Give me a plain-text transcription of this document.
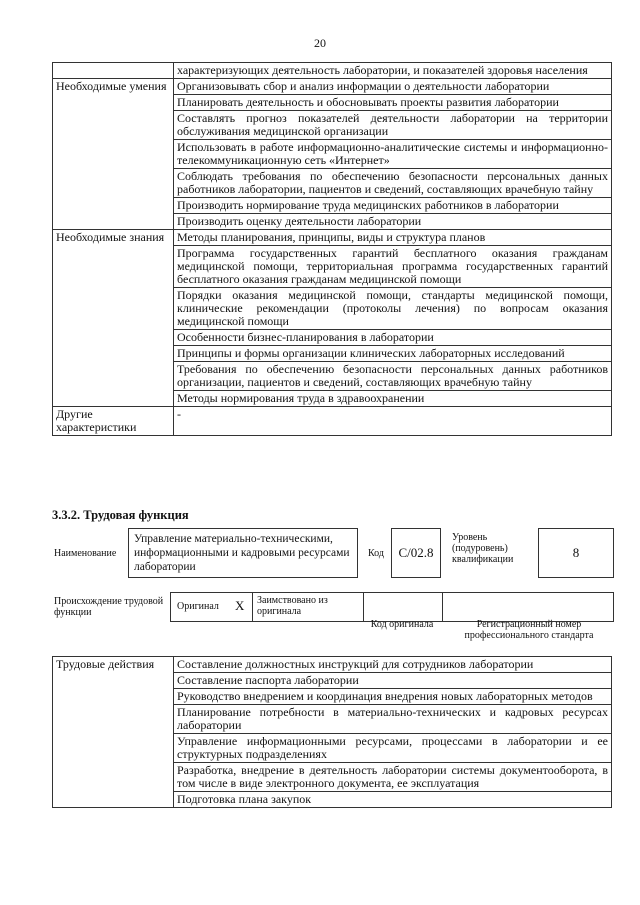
20
	характеризующих деятельность лаборатории, и показателей здоровья населения
Необходимые умения	Организовывать сбор и анализ информации о деятельности лаборатории
	Планировать деятельность и обосновывать проекты развития лаборатории
	Составлять прогноз показателей деятельности лаборатории на территории обслуживания медицинской организации
	Использовать в работе информационно-аналитические системы и информационно-телекоммуникационную сеть «Интернет»
	Соблюдать требования по обеспечению безопасности персональных данных работников лаборатории, пациентов и сведений, составляющих врачебную тайну
	Производить нормирование труда медицинских работников в лаборатории
	Производить оценку деятельности лаборатории
Необходимые знания	Методы планирования, принципы, виды и структура планов
	Программа государственных гарантий бесплатного оказания гражданам медицинской помощи, территориальная программа государственных гарантий бесплатного оказания гражданам медицинской помощи
	Порядки оказания медицинской помощи, стандарты медицинской помощи, клинические рекомендации (протоколы лечения) по вопросам оказания медицинской помощи
	Особенности бизнес-планирования в лаборатории
	Принципы и формы организации клинических лабораторных исследований
	Требования по обеспечению безопасности персональных данных работников организации, пациентов и сведений, составляющих врачебную тайну
	Методы нормирования труда в здравоохранении
Другие характеристики	-
3.3.2. Трудовая функция
Наименование
Управление материально-техническими, информационными и кадровыми ресурсами лаборатории
Код	С/02.8
Уровень (подуровень) квалификации	8
Происхождение трудовой функции
Оригинал X Заимствовано из оригинала
Код оригинала	Регистрационный номер профессионального стандарта
Трудовые действия	Составление должностных инструкций для сотрудников лаборатории
Составление паспорта лаборатории
Руководство внедрением и координация внедрения новых лабораторных методов
Планирование потребности в материально-технических и кадровых ресурсах лаборатории
Управление информационными ресурсами, процессами в лаборатории и ее структурных подразделениях
Разработка, внедрение в деятельность лаборатории системы документооборота, в том числе в виде электронного документа, ее эксплуатация
Подготовка плана закупок
